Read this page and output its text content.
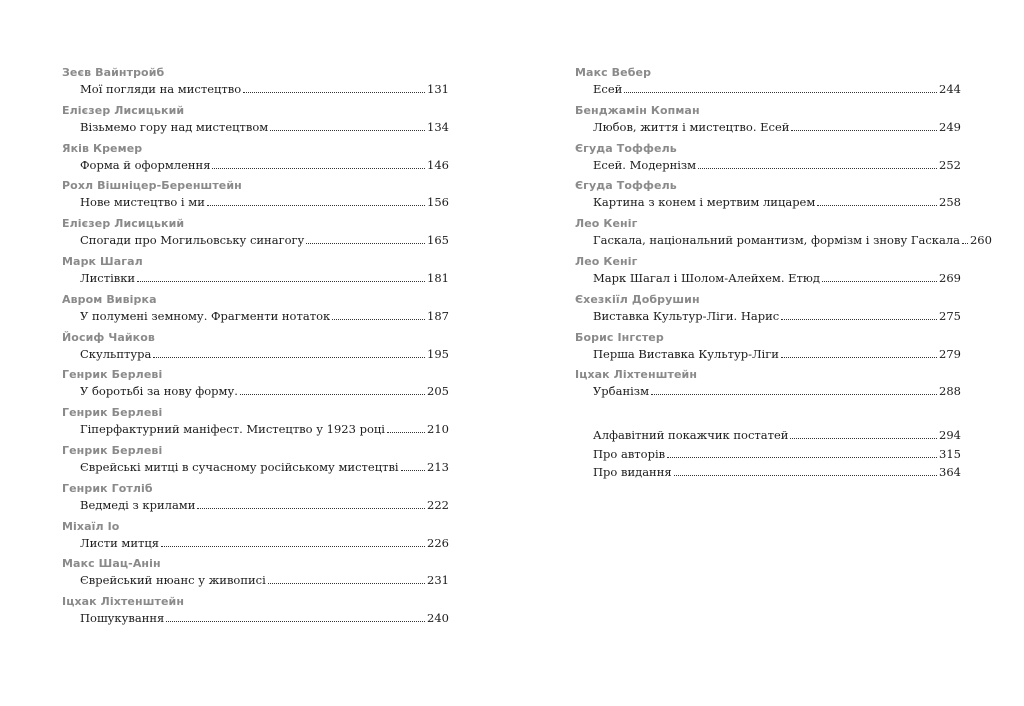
Зеєв Вайнтройб
Мої погляди на мистецтво	131
Елієзер Лисицький
Візьмемо гору над мистецтвом	134
Яків Кремер
Форма й оформлення	146
Рохл Вішніцер-Беренштейн
Нове мистецтво і ми	156
Елієзер Лисицький
Спогади про Могильовську синагогу	165
Марк Шагал
Листівки	181
Авром Вивірка
У полумені земному. Фрагменти нотаток	187
Йосиф Чайков
Скульптура	195
Генрик Берлеві
У боротьбі за нову форму.	205
Генрик Берлеві
Гіперфактурний маніфест. Мистецтво у 1923 році	210
Генрик Берлеві
Єврейські митці в сучасному російському мистецтві 213
Генрик Готліб
Ведмеді з крилами	222
Міхаїл Іо
Листи митця	226
Макс Шац-Анін
Єврейський нюанс у живописі	231
Іцхак Ліхтенштейн
Пошукування	240
Макс Вебер
Есей	244
Бенджамін Копман
Любов, життя і мистецтво. Есей	249
Єгуда Тоффель
Есей. Модернізм	252
Єгуда Тоффель
Картина з конем і мертвим лицарем	258
Лео Кеніг
Гаскала, національний романтизм, формізм і знову Гаскала 260
Лео Кеніг
Марк Шагал і Шолом-Алейхем. Етюд	269
Єхезкіїл Добрушин
Виставка Культур-Ліги. Нарис	275
Борис Інгстер
Перша Виставка Культур-Ліги	279
Іцхак Ліхтенштейн
Урбанізм	288
Алфавітний покажчик постатей	294
Про авторів	315
Про видання	364
